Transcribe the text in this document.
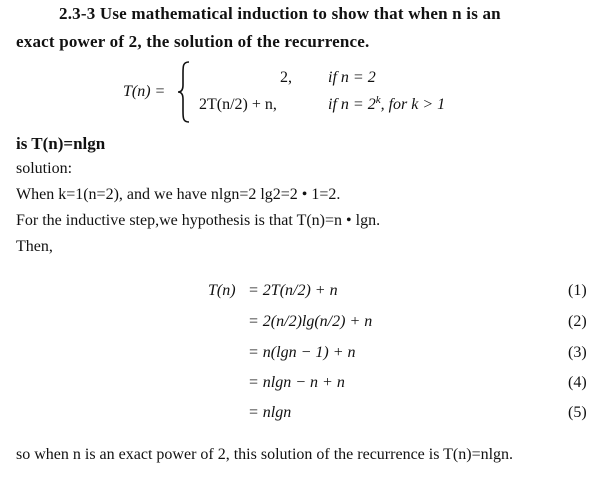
2.3-3 Use mathematical induction to show that when n is an
exact power of 2, the solution of the recurrence.
T(n) =
2, if n = 2
2T(n/2) + n,	if $n = 2^k$, for k > 1
is T(n)=nlgn
solution:
When k=1(n=2), and we have nlgn=2 lg2=2 • 1=2.
For the inductive step,we hypothesis is that T(n)=n • lgn.
Then,
T(n) = 2T(n/2) + n	(1)
= 2(n/2)lg(n/2) + n	(2)
= n(lgn − 1) + n	(3)
= nlgn − n + n	(4)
= nlgn	(5)
so when n is an exact power of 2, this solution of the recurrence is T(n)=nlgn.
